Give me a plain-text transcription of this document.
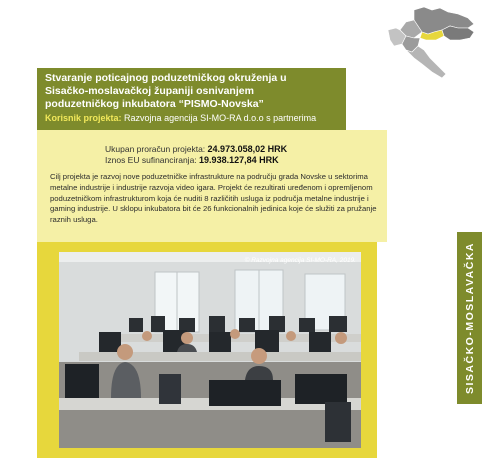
Stvaranje poticajnog poduzetničkog okruženja u
Sisačko-moslavačkoj županiji osnivanjem
poduzetničkog inkubatora “PISMO-Novska”
Korisnik projekta: Razvojna agencija SI-MO-RA d.o.o s partnerima
Ukupan proračun projekta: 24.973.058,02 HRK
Iznos EU sufinanciranja: 19.938.127,84 HRK
Cilj projekta je razvoj nove poduzetničke infrastrukture na području grada Novske u sektorima metalne industrije i industrije razvoja video igara. Projekt će rezultirati uređenom i opremljenom poduzetničkom infrastrukturom koja će nuditi 8 različitih usluga iz područja metalne industrije i gaming industrije. U sklopu inkubatora bit će 26 funkcionalnih jedinica koje će služiti za pružanje raznih usluga.
© Razvojna agencija SI-MO-RA, 2019.	SISAČKO-MOSLAVAČKA
